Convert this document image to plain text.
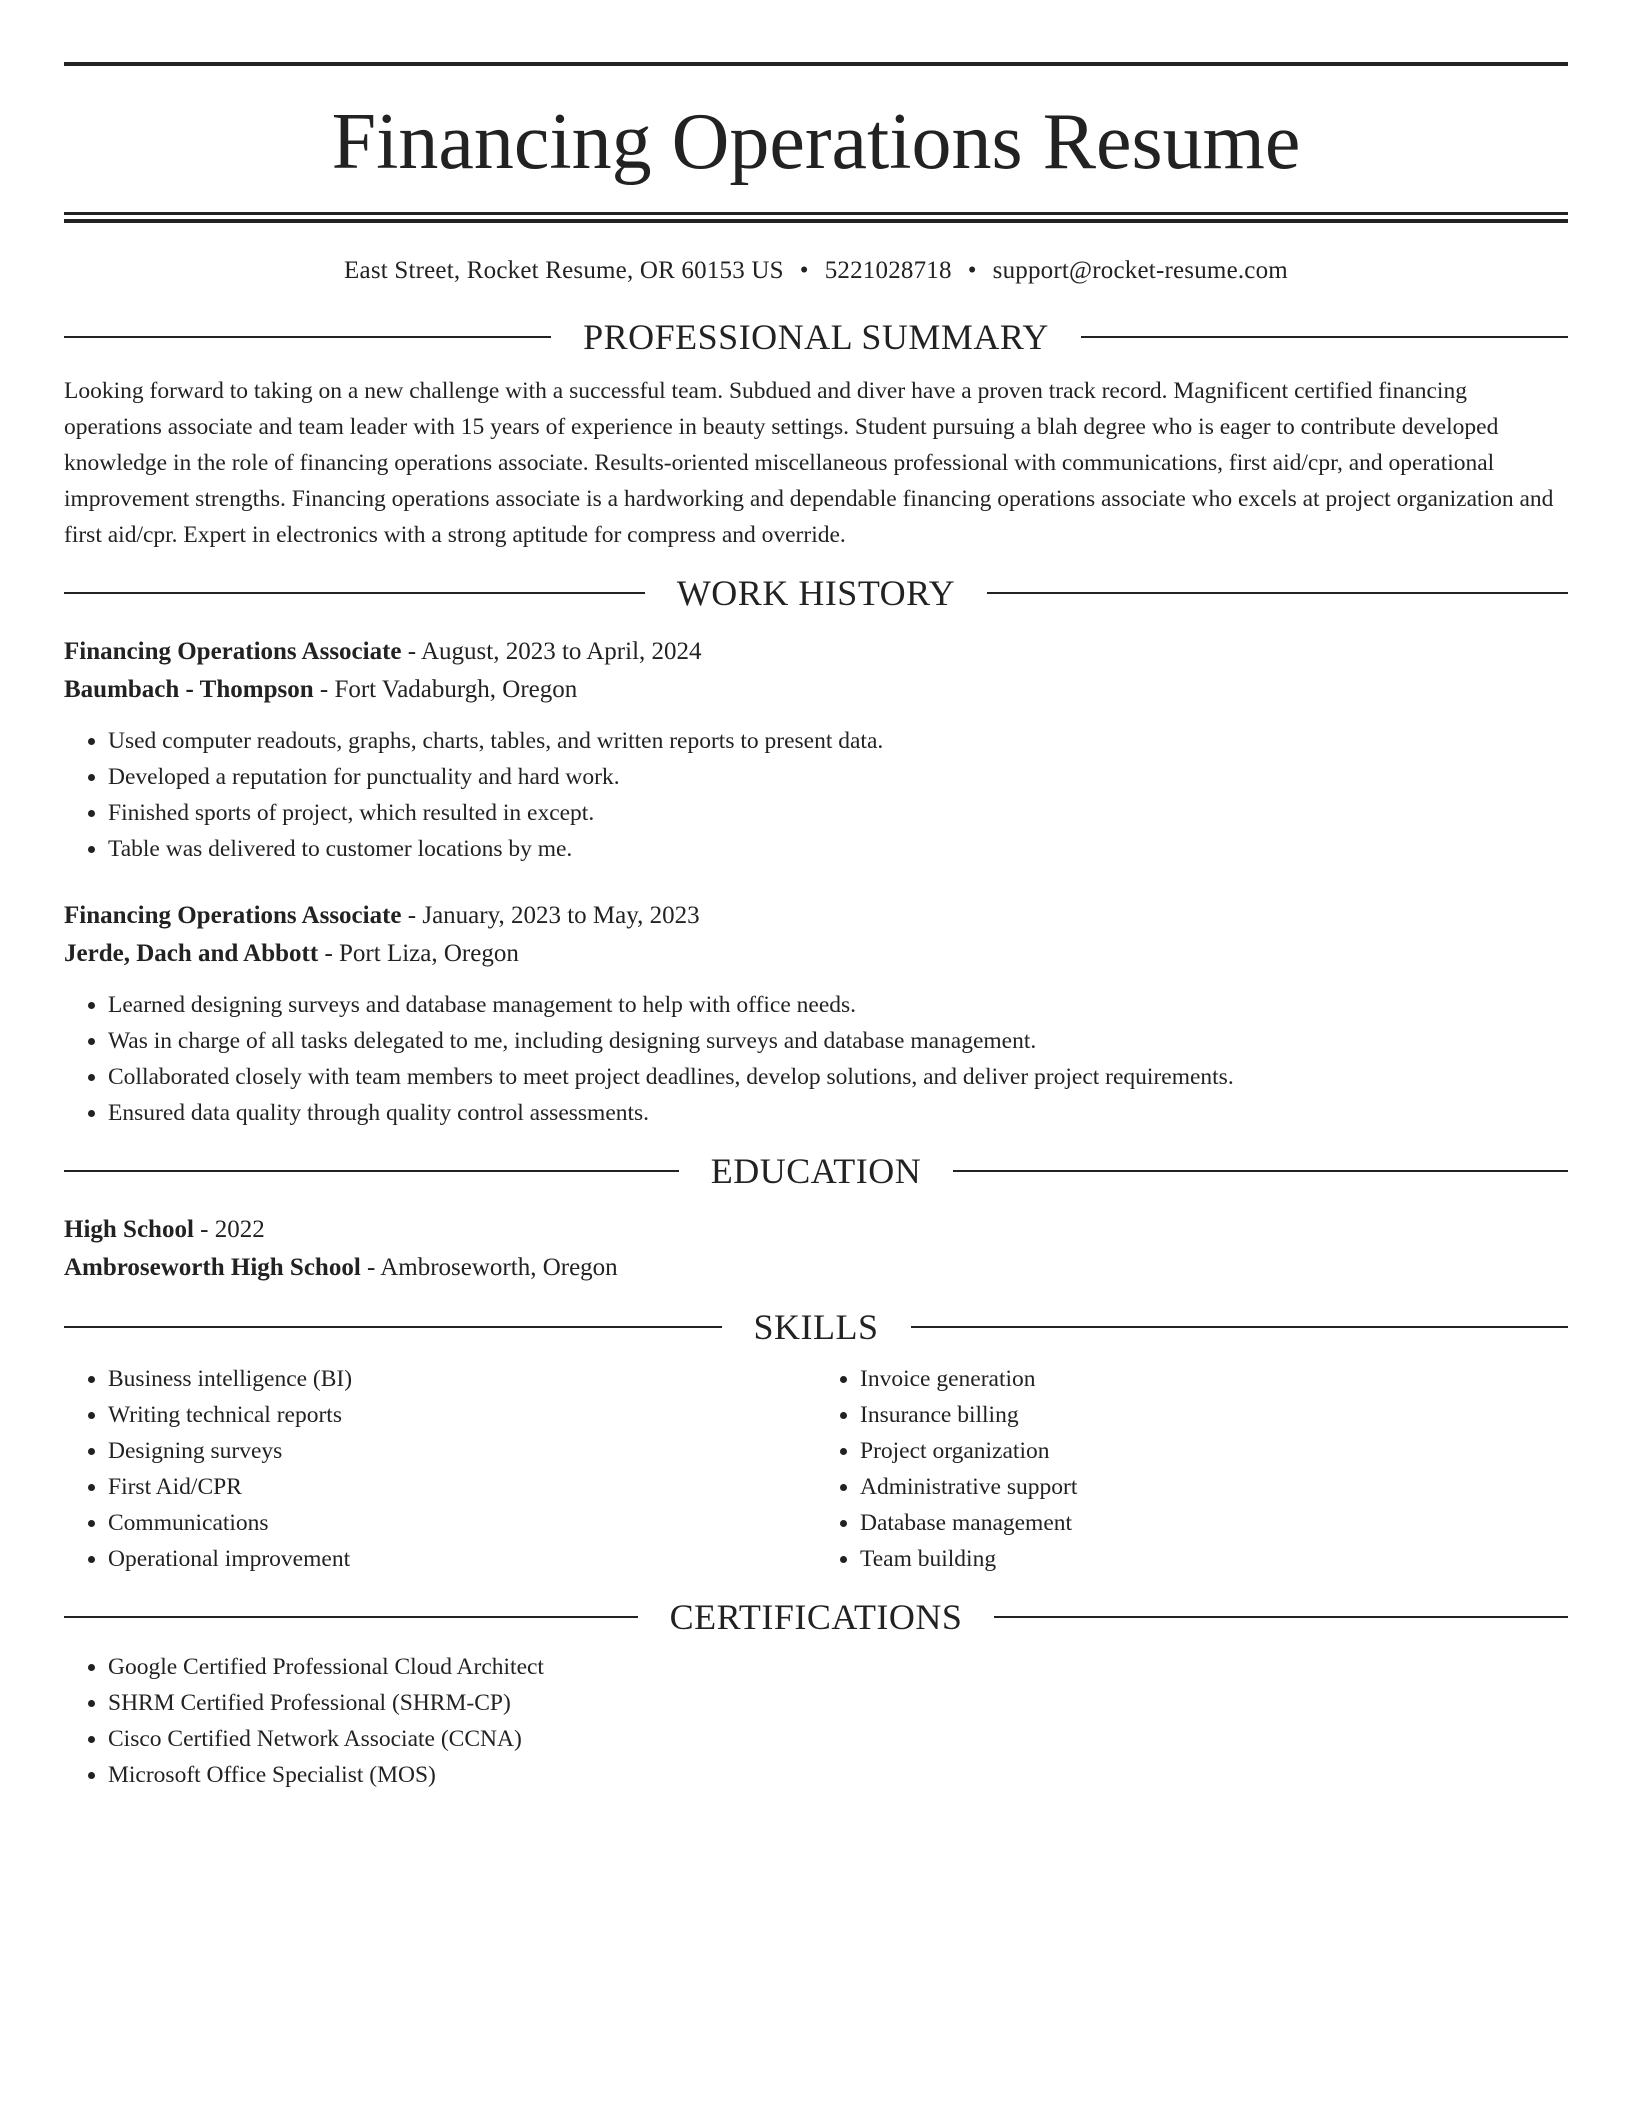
Financing Operations Resume
East Street, Rocket Resume, OR 60153 US • 5221028718 • support@rocket-resume.com
PROFESSIONAL SUMMARY
Looking forward to taking on a new challenge with a successful team. Subdued and diver have a proven track record. Magnificent certified financing operations associate and team leader with 15 years of experience in beauty settings. Student pursuing a blah degree who is eager to contribute developed knowledge in the role of financing operations associate. Results-oriented miscellaneous professional with communications, first aid/cpr, and operational improvement strengths. Financing operations associate is a hardworking and dependable financing operations associate who excels at project organization and first aid/cpr. Expert in electronics with a strong aptitude for compress and override.
WORK HISTORY
Financing Operations Associate - August, 2023 to April, 2024
Baumbach - Thompson - Fort Vadaburgh, Oregon
• Used computer readouts, graphs, charts, tables, and written reports to present data.
• Developed a reputation for punctuality and hard work.
• Finished sports of project, which resulted in except.
• Table was delivered to customer locations by me.
Financing Operations Associate - January, 2023 to May, 2023
Jerde, Dach and Abbott - Port Liza, Oregon
• Learned designing surveys and database management to help with office needs.
• Was in charge of all tasks delegated to me, including designing surveys and database management.
• Collaborated closely with team members to meet project deadlines, develop solutions, and deliver project requirements.
• Ensured data quality through quality control assessments.
EDUCATION
High School - 2022
Ambroseworth High School - Ambroseworth, Oregon
SKILLS
• Business intelligence (BI)
• Writing technical reports
• Designing surveys
• First Aid/CPR
• Communications
• Operational improvement
• Invoice generation
• Insurance billing
• Project organization
• Administrative support
• Database management
• Team building
CERTIFICATIONS
• Google Certified Professional Cloud Architect
• SHRM Certified Professional (SHRM-CP)
• Cisco Certified Network Associate (CCNA)
• Microsoft Office Specialist (MOS)
